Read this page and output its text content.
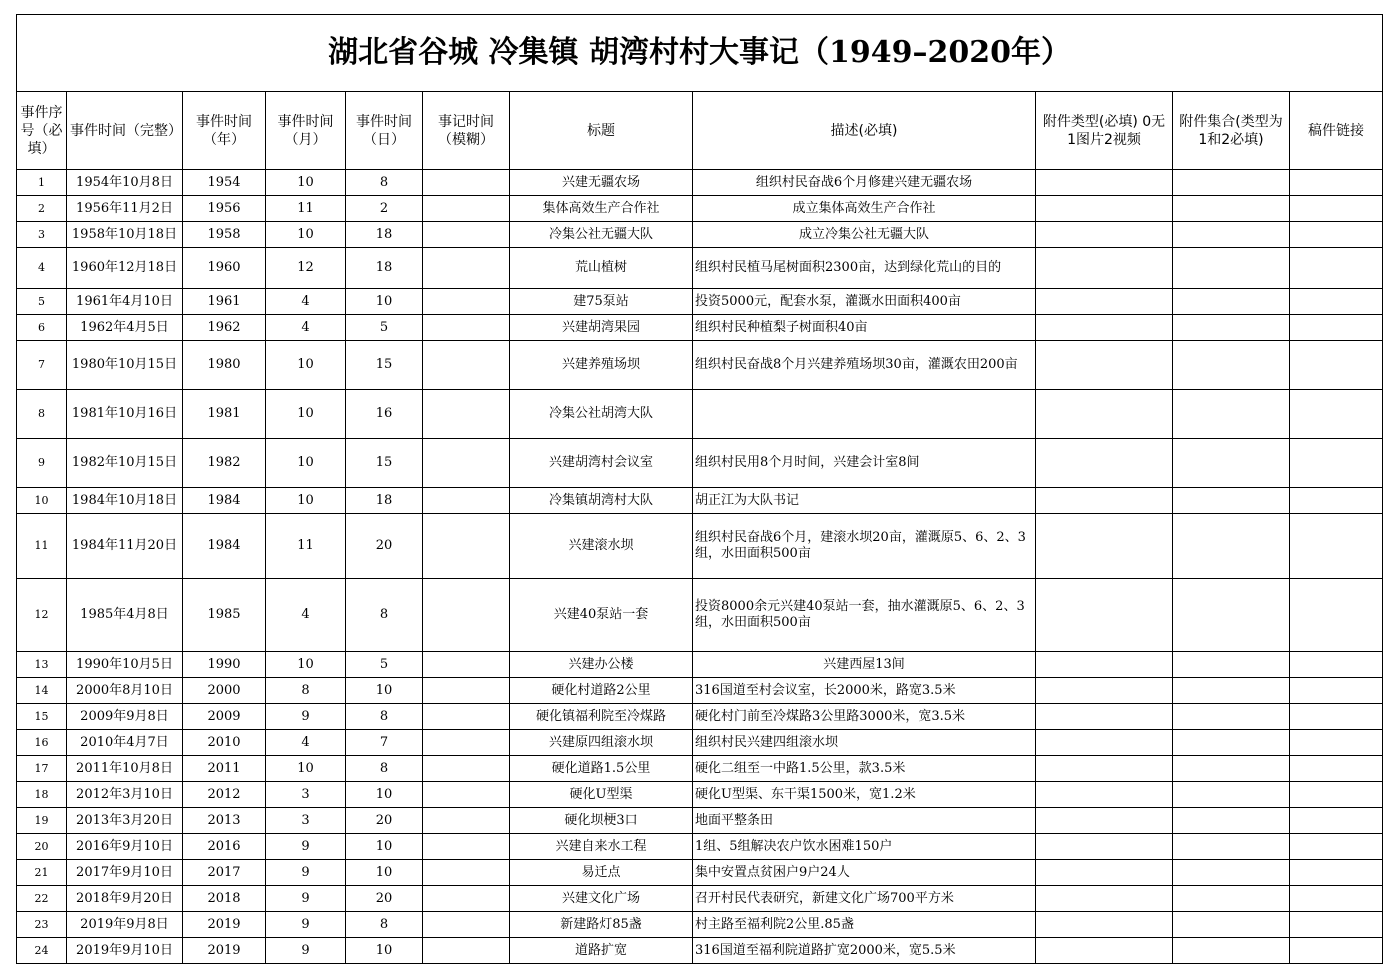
湖北省谷城 冷集镇 胡湾村村大事记（1949–2020年）										
事件序号（必填）	事件时间（完整）	事件时间（年）	事件时间（月）	事件时间（日）	事记时间（模糊）	标题	描述(必填)	附件类型(必填) 0无1图片2视频	附件集合(类型为1和2必填)	稿件链接
1	1954年10月8日	1954	10	8		兴建无疆农场	组织村民奋战6个月修建兴建无疆农场			
2	1956年11月2日	1956	11	2		集体高效生产合作社	成立集体高效生产合作社			
3	1958年10月18日	1958	10	18		冷集公社无疆大队	成立冷集公社无疆大队			
4	1960年12月18日	1960	12	18		荒山植树	组织村民植马尾树面积2300亩，达到绿化荒山的目的			
5	1961年4月10日	1961	4	10		建75泵站	投资5000元，配套水泵，灌溉水田面积400亩			
6	1962年4月5日	1962	4	5		兴建胡湾果园	组织村民种植梨子树面积40亩			
7	1980年10月15日	1980	10	15		兴建养殖场坝	组织村民奋战8个月兴建养殖场坝30亩，灌溉农田200亩			
8	1981年10月16日	1981	10	16		冷集公社胡湾大队				
9	1982年10月15日	1982	10	15		兴建胡湾村会议室	组织村民用8个月时间，兴建会计室8间			
10	1984年10月18日	1984	10	18		冷集镇胡湾村大队	胡正江为大队书记			
11	1984年11月20日	1984	11	20		兴建滚水坝	组织村民奋战6个月，建滚水坝20亩，灌溉原5、6、2、3组，水田面积500亩			
12	1985年4月8日	1985	4	8		兴建40泵站一套	投资8000余元兴建40泵站一套，抽水灌溉原5、6、2、3组，水田面积500亩			
13	1990年10月5日	1990	10	5		兴建办公楼	兴建西屋13间			
14	2000年8月10日	2000	8	10		硬化村道路2公里	316国道至村会议室，长2000米，路宽3.5米			
15	2009年9月8日	2009	9	8		硬化镇福利院至冷煤路	硬化村门前至冷煤路3公里路3000米，宽3.5米			
16	2010年4月7日	2010	4	7		兴建原四组滚水坝	组织村民兴建四组滚水坝			
17	2011年10月8日	2011	10	8		硬化道路1.5公里	硬化二组至一中路1.5公里，款3.5米			
18	2012年3月10日	2012	3	10		硬化U型渠	硬化U型渠、东干渠1500米，宽1.2米			
19	2013年3月20日	2013	3	20		硬化坝梗3口	地面平整条田			
20	2016年9月10日	2016	9	10		兴建自来水工程	1组、5组解决农户饮水困难150户			
21	2017年9月10日	2017	9	10		易迁点	集中安置点贫困户9户24人			
22	2018年9月20日	2018	9	20		兴建文化广场	召开村民代表研究，新建文化广场700平方米			
23	2019年9月8日	2019	9	8		新建路灯85盏	村主路至福利院2公里.85盏			
24	2019年9月10日	2019	9	10		道路扩宽	316国道至福利院道路扩宽2000米，宽5.5米			
